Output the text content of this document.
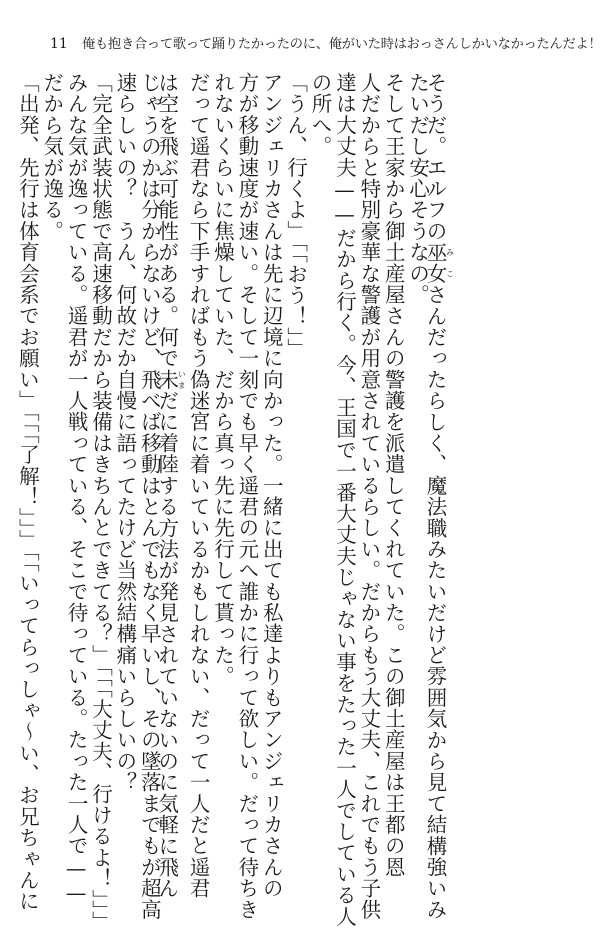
11 俺も抱き合って歌って踊りたかったのに、俺がいた時はおっさんしかいなかったんだよ！
そうだ。エルフの巫女みこさんだったらしく、魔法職みたいだけど雰囲気から見て結構強いみ
たいだし安心そうなの。
そして王家から御土産屋さんの警護を派遣してくれていた。この御土産屋は王都の恩
人だからと特別豪華な警護が用意されているらしい。だからもう大丈夫、これでもう子供
達は大丈夫——だから行く。今、王国で一番大丈夫じゃない事をたった一人でしている人
の所へ。
「うん、行くよ」「「おう！」」
アンジェリカさんは先に辺境に向かった。一緒に出ても私達よりもアンジェリカさんの
方が移動速度が速い。そして一刻でも早く遥君の元へ誰かに行って欲しい。だって待ちき
れないくらいに焦燥していた、だから真っ先に先行して貰った。
だって遥君なら下手すればもう偽迷宮に着いているかもしれない、だって一人だと遥君
は空を飛ぶ可能性がある。何で未いまだに着陸する方法が発見されていないのに気軽に飛ん
じゃうのかは分からないけど、飛べば移動はとんでもなく早いし、その墜落までもが超高
速らしいの？　うん、何故だか自慢に語ってたけど当然結構痛いらしいの？
「完全武装状態で高速移動だから装備はきちんとできてる？」「「「大丈夫、行けるよ！」」」
みんな気が逸っている。遥君が一人戦っている、そこで待っている。たった一人で——
だから気が逸る。
「出発、先行は体育会系でお願い」「「「了解！」」」「「いってらっしゃ～い、お兄ちゃんに
